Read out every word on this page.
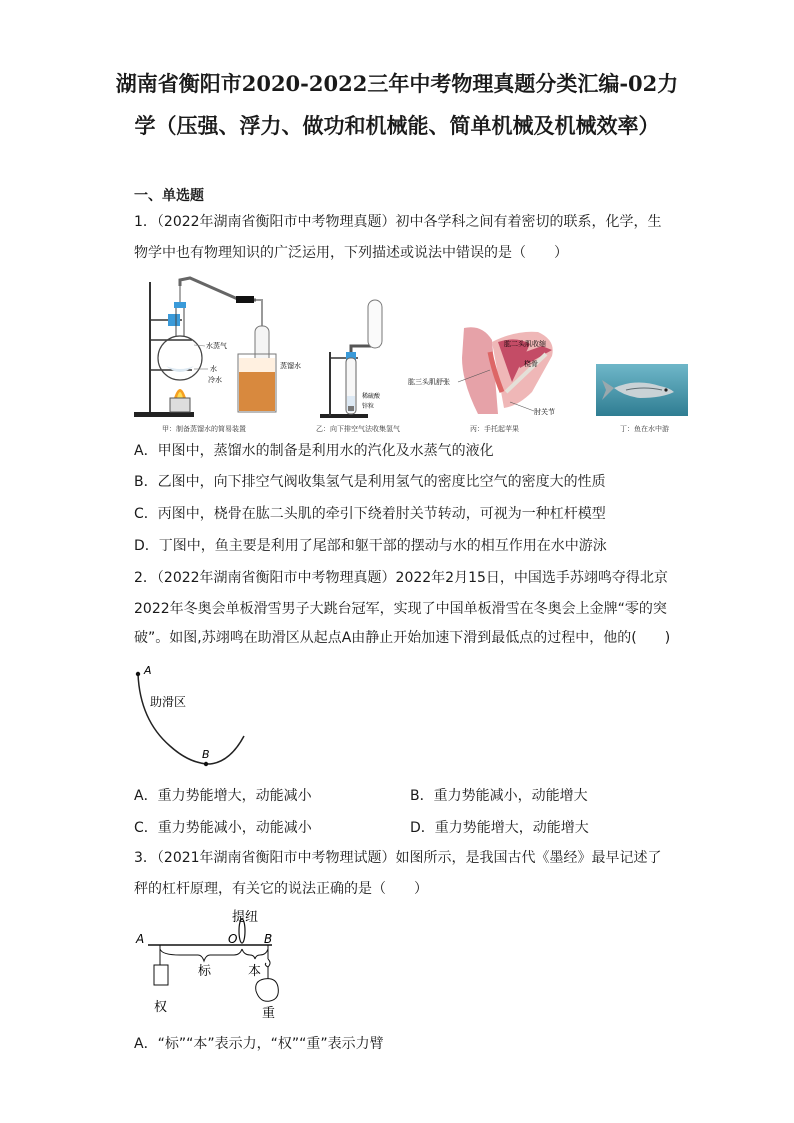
湖南省衡阳市2020-2022三年中考物理真题分类汇编-02力
学（压强、浮力、做功和机械能、简单机械及机械效率）
一、单选题
1．（2022年湖南省衡阳市中考物理真题）初中各学科之间有着密切的联系，化学，生
物学中也有物理知识的广泛运用，下列描述或说法中错误的是（　　）
水蒸气
水
冷水
蒸馏水
甲：制备蒸馏水的简易装置
稀硫酸
锌粒
乙：向下排空气法收集氢气
肱二头肌收缩
桡骨
肱三头肌舒张
肘关节
丙：手托起苹果	丁：鱼在水中游
A．甲图中，蒸馏水的制备是利用水的汽化及水蒸气的液化
B．乙图中，向下排空气阀收集氢气是利用氢气的密度比空气的密度大的性质
C．丙图中，桡骨在肱二头肌的牵引下绕着肘关节转动，可视为一种杠杆模型
D．丁图中，鱼主要是利用了尾部和躯干部的摆动与水的相互作用在水中游泳
2．（2022年湖南省衡阳市中考物理真题）2022年2月15日，中国选手苏翊鸣夺得北京
2022年冬奥会单板滑雪男子大跳台冠军，实现了中国单板滑雪在冬奥会上金牌“零的突
破”。如图,苏翊鸣在助滑区从起点A由静止开始加速下滑到最低点的过程中，他的(　　)
A
B
助滑区
A．重力势能增大，动能减小	B．重力势能减小，动能增大
C．重力势能减小，动能减小	D．重力势能增大，动能增大
3．（2021年湖南省衡阳市中考物理试题）如图所示，是我国古代《墨经》最早记述了
秤的杠杆原理，有关它的说法正确的是（　　）
提纽
A	O B
权
标	本
重
A．“标”“本”表示力，“权”“重”表示力臂
